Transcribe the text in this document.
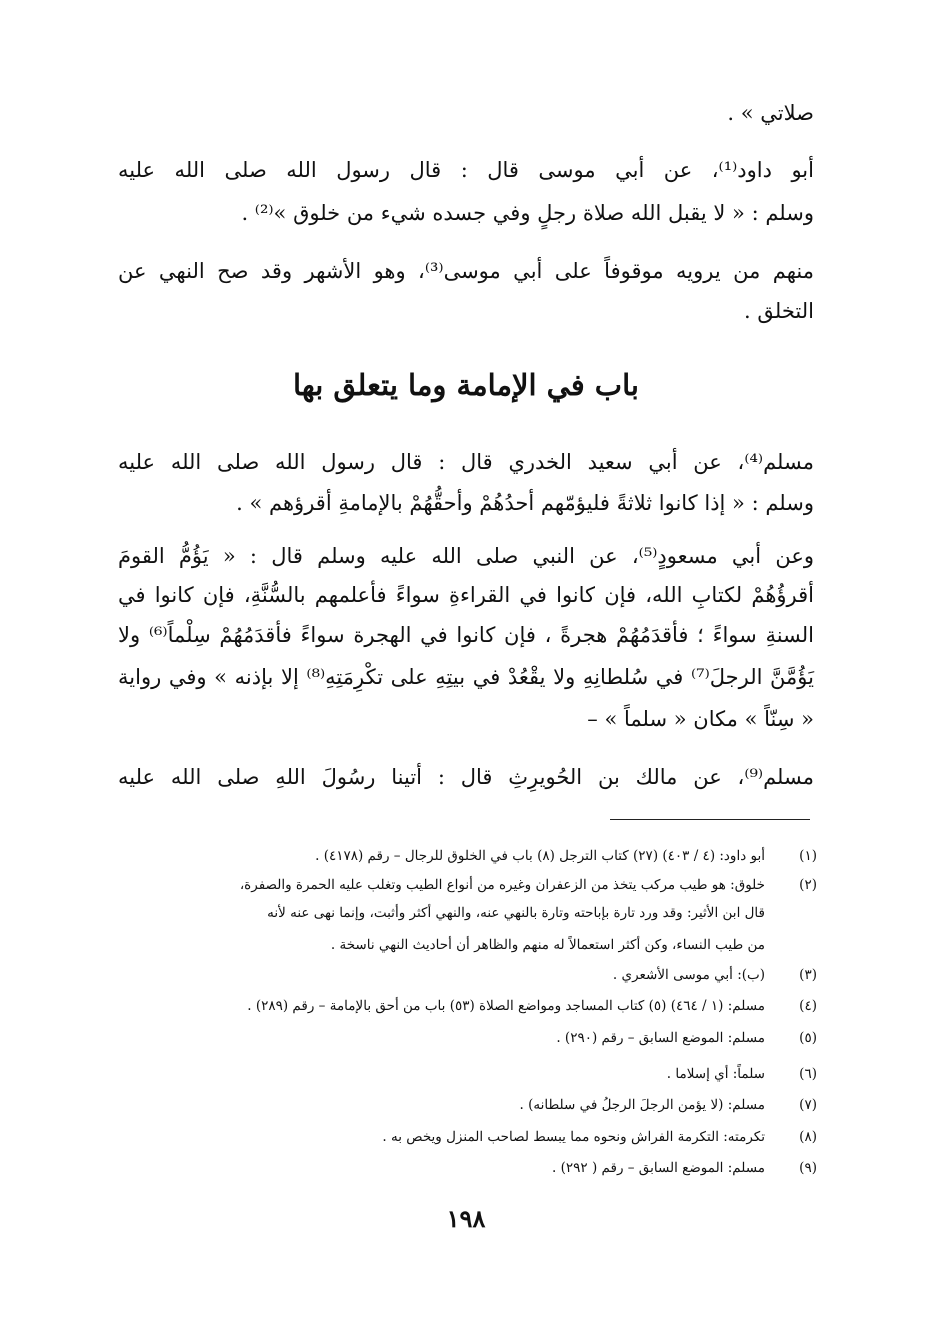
صلاتي » .
أبو داود⁽¹⁾، عن أبي موسى قال : قال رسول الله صلى الله عليه
وسلم : « لا يقبل الله صلاة رجلٍ وفي جسده شيء من خلوق »⁽²⁾ .
منهم من يرويه موقوفاً على أبي موسى⁽³⁾، وهو الأشهر وقد صح النهي عن
التخلق .
باب في الإمامة وما يتعلق بها
مسلم⁽⁴⁾، عن أبي سعيد الخدري قال : قال رسول الله صلى الله عليه
وسلم : « إذا كانوا ثلاثةً فليؤمّهم أحدُهُمْ وأحقُّهُمْ بالإمامةِ أقرؤهم » .
وعن أبي مسعودٍ⁽⁵⁾، عن النبي صلى الله عليه وسلم قال : « يَؤُمُّ القومَ
أقرؤُهُمْ لكتابِ الله، فإن كانوا في القراءةِ سواءً فأعلمهم بالسُّنَّةِ، فإن كانوا في
السنةِ سواءً ؛ فأقدَمُهُمْ هجرةً ، فإن كانوا في الهجرة سواءً فأقدَمُهُمْ سِلْماً⁽⁶⁾ ولا
يَؤُمَّنَّ الرجلَ⁽⁷⁾ في سُلطانِهِ ولا يقْعُدْ في بيتِهِ على تكْرِمَتِهِ⁽⁸⁾ إلا بإذنه » وفي رواية
« سِنّاً » مكان « سلماً » –
مسلم⁽⁹⁾، عن مالك بن الحُويرِثِ قال : أتينا رسُولَ اللهِ صلى الله عليه
(١)
أبو داود: (٤ / ٤٠٣) (٢٧) كتاب الترجل (٨) باب في الخلوق للرجال – رقم (٤١٧٨) .
(٢)
خلوق: هو طيب مركب يتخذ من الزعفران وغيره من أنواع الطيب وتغلب عليه الحمرة والصفرة،
قال ابن الأثير: وقد ورد تارة بإباحته وتارة بالنهي عنه، والنهي أكثر وأثبت، وإنما نهى عنه لأنه
من طيب النساء، وكن أكثر استعمالاً له منهم والظاهر أن أحاديث النهي ناسخة .
(٣)
(ب): أبي موسى الأشعري .
(٤)
مسلم: (١ / ٤٦٤) (٥) كتاب المساجد ومواضع الصلاة (٥٣) باب من أحق بالإمامة – رقم (٢٨٩) .
(٥)
مسلم: الموضع السابق – رقم (٢٩٠) .
(٦)
سلماً: أي إسلاما .
(٧)
مسلم: (لا يؤمن الرجلَ الرجلُ في سلطانه) .
(٨)
تكرمته: التكرمة الفراش ونحوه مما يبسط لصاحب المنزل ويخص به .
(٩)
مسلم: الموضع السابق – رقم ( ٢٩٢) .
١٩٨
